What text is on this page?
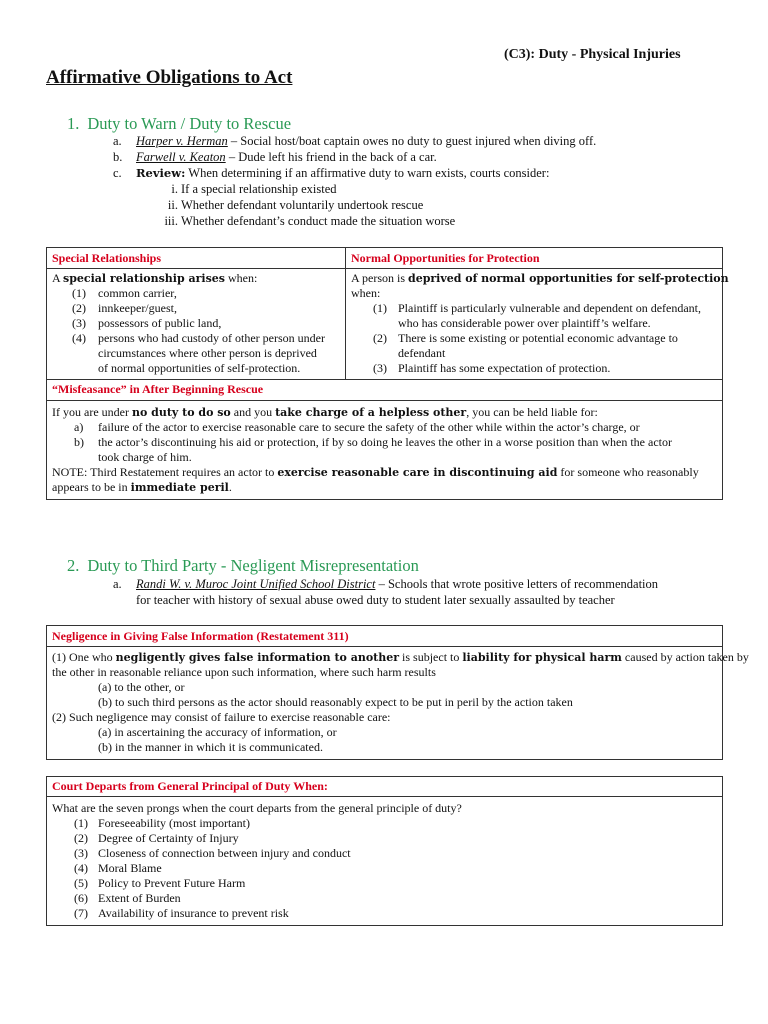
(C3): Duty - Physical Injuries
Affirmative Obligations to Act
1. Duty to Warn / Duty to Rescue
a. Harper v. Herman – Social host/boat captain owes no duty to guest injured when diving off.
b. Farwell v. Keaton – Dude left his friend in the back of a car.
c. Review: When determining if an affirmative duty to warn exists, courts consider:
i. If a special relationship existed
ii. Whether defendant voluntarily undertook rescue
iii. Whether defendant’s conduct made the situation worse
Special Relationships	Normal Opportunities for Protection
A special relationship arises when:
(1) common carrier,
(2) innkeeper/guest,
(3) possessors of public land,
(4) persons who had custody of other person under
circumstances where other person is deprived
of normal opportunities of self-protection.
A person is deprived of normal opportunities for self-protection
when:
(1) Plaintiff is particularly vulnerable and dependent on defendant,
who has considerable power over plaintiff’s welfare.
(2) There is some existing or potential economic advantage to
defendant
(3) Plaintiff has some expectation of protection.
“Misfeasance” in After Beginning Rescue
If you are under no duty to do so and you take charge of a helpless other, you can be held liable for:
a) failure of the actor to exercise reasonable care to secure the safety of the other while within the actor’s charge, or
b) the actor’s discontinuing his aid or protection, if by so doing he leaves the other in a worse position than when the actor
took charge of him.
NOTE: Third Restatement requires an actor to exercise reasonable care in discontinuing aid for someone who reasonably
appears to be in immediate peril.
2. Duty to Third Party - Negligent Misrepresentation
a. Randi W. v. Muroc Joint Unified School District – Schools that wrote positive letters of recommendation
for teacher with history of sexual abuse owed duty to student later sexually assaulted by teacher
Negligence in Giving False Information (Restatement 311)
(1) One who negligently gives false information to another is subject to liability for physical harm caused by action taken by
the other in reasonable reliance upon such information, where such harm results
(a) to the other, or
(b) to such third persons as the actor should reasonably expect to be put in peril by the action taken
(2) Such negligence may consist of failure to exercise reasonable care:
(a) in ascertaining the accuracy of information, or
(b) in the manner in which it is communicated.
Court Departs from General Principal of Duty When:
What are the seven prongs when the court departs from the general principle of duty?
(1) Foreseeability (most important)
(2) Degree of Certainty of Injury
(3) Closeness of connection between injury and conduct
(4) Moral Blame
(5) Policy to Prevent Future Harm
(6) Extent of Burden
(7) Availability of insurance to prevent risk
